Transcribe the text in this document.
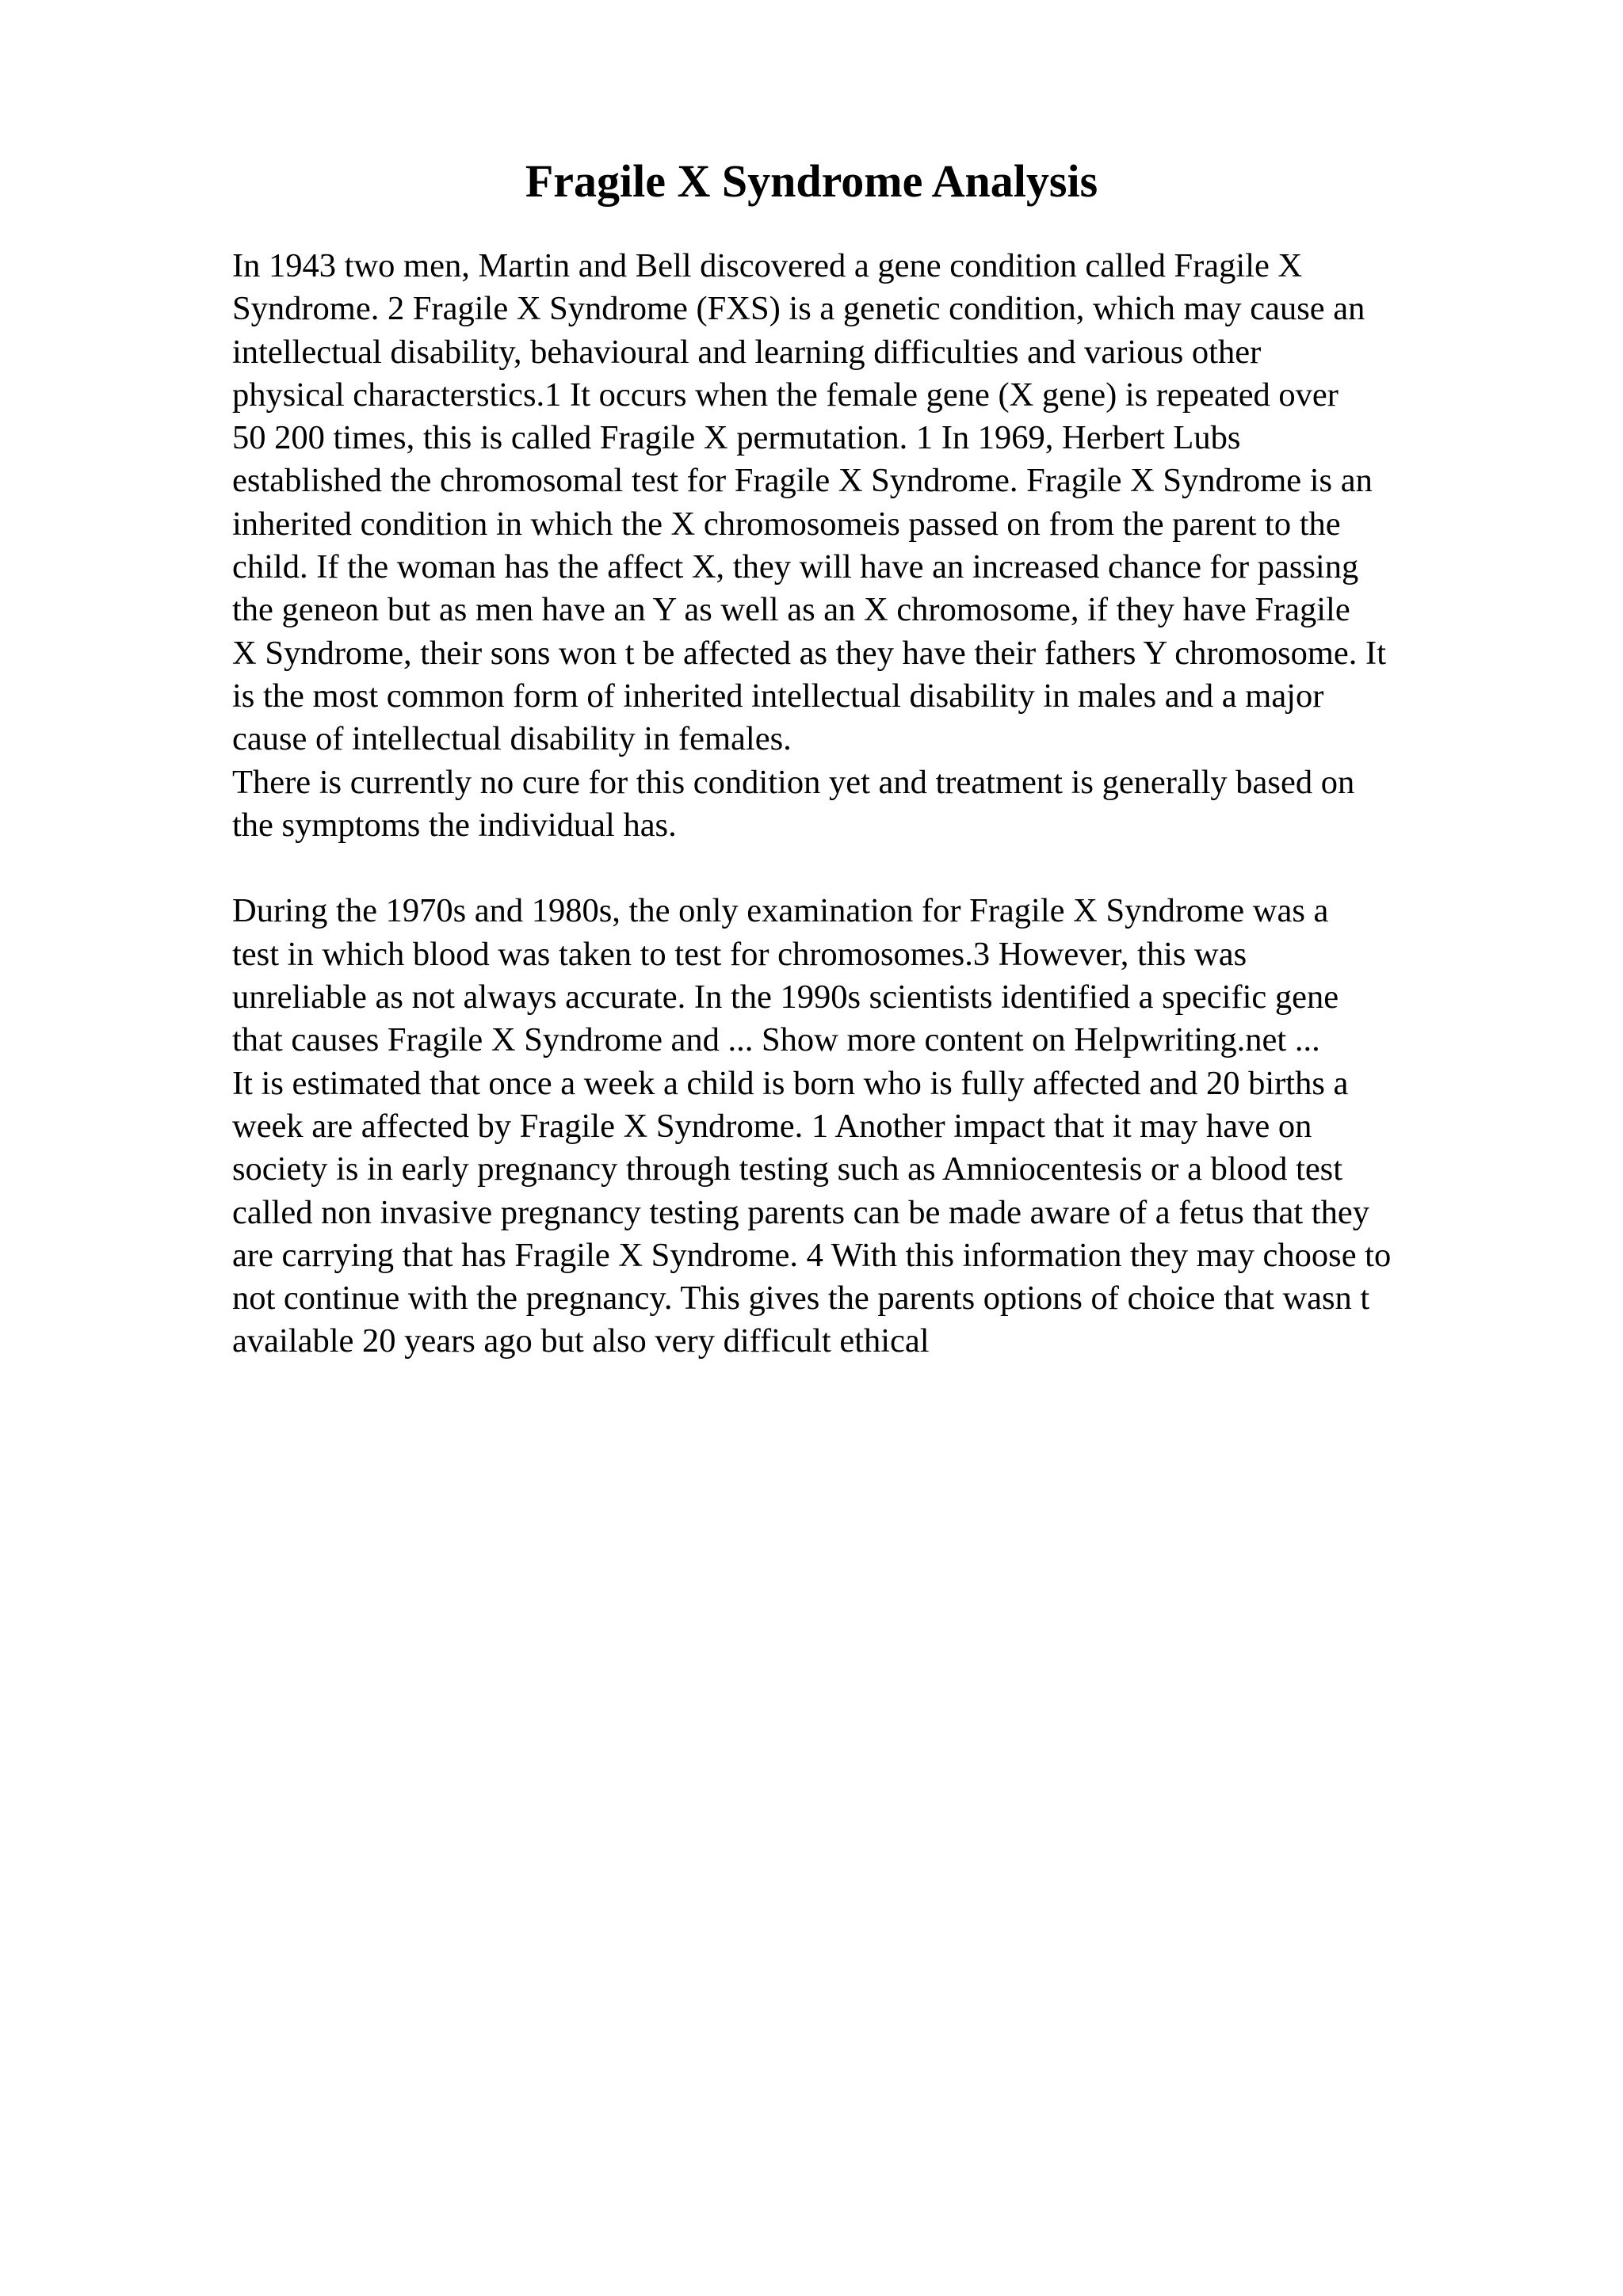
Fragile X Syndrome Analysis
In 1943 two men, Martin and Bell discovered a gene condition called Fragile X
Syndrome. 2 Fragile X Syndrome (FXS) is a genetic condition, which may cause an
intellectual disability, behavioural and learning difficulties and various other
physical characterstics.1 It occurs when the female gene (X gene) is repeated over
50 200 times, this is called Fragile X permutation. 1 In 1969, Herbert Lubs
established the chromosomal test for Fragile X Syndrome. Fragile X Syndrome is an
inherited condition in which the X chromosomeis passed on from the parent to the
child. If the woman has the affect X, they will have an increased chance for passing
the geneon but as men have an Y as well as an X chromosome, if they have Fragile
X Syndrome, their sons won t be affected as they have their fathers Y chromosome. It
is the most common form of inherited intellectual disability in males and a major
cause of intellectual disability in females.
There is currently no cure for this condition yet and treatment is generally based on
the symptoms the individual has.
During the 1970s and 1980s, the only examination for Fragile X Syndrome was a
test in which blood was taken to test for chromosomes.3 However, this was
unreliable as not always accurate. In the 1990s scientists identified a specific gene
that causes Fragile X Syndrome and ... Show more content on Helpwriting.net ...
It is estimated that once a week a child is born who is fully affected and 20 births a
week are affected by Fragile X Syndrome. 1 Another impact that it may have on
society is in early pregnancy through testing such as Amniocentesis or a blood test
called non invasive pregnancy testing parents can be made aware of a fetus that they
are carrying that has Fragile X Syndrome. 4 With this information they may choose to
not continue with the pregnancy. This gives the parents options of choice that wasn t
available 20 years ago but also very difficult ethical
